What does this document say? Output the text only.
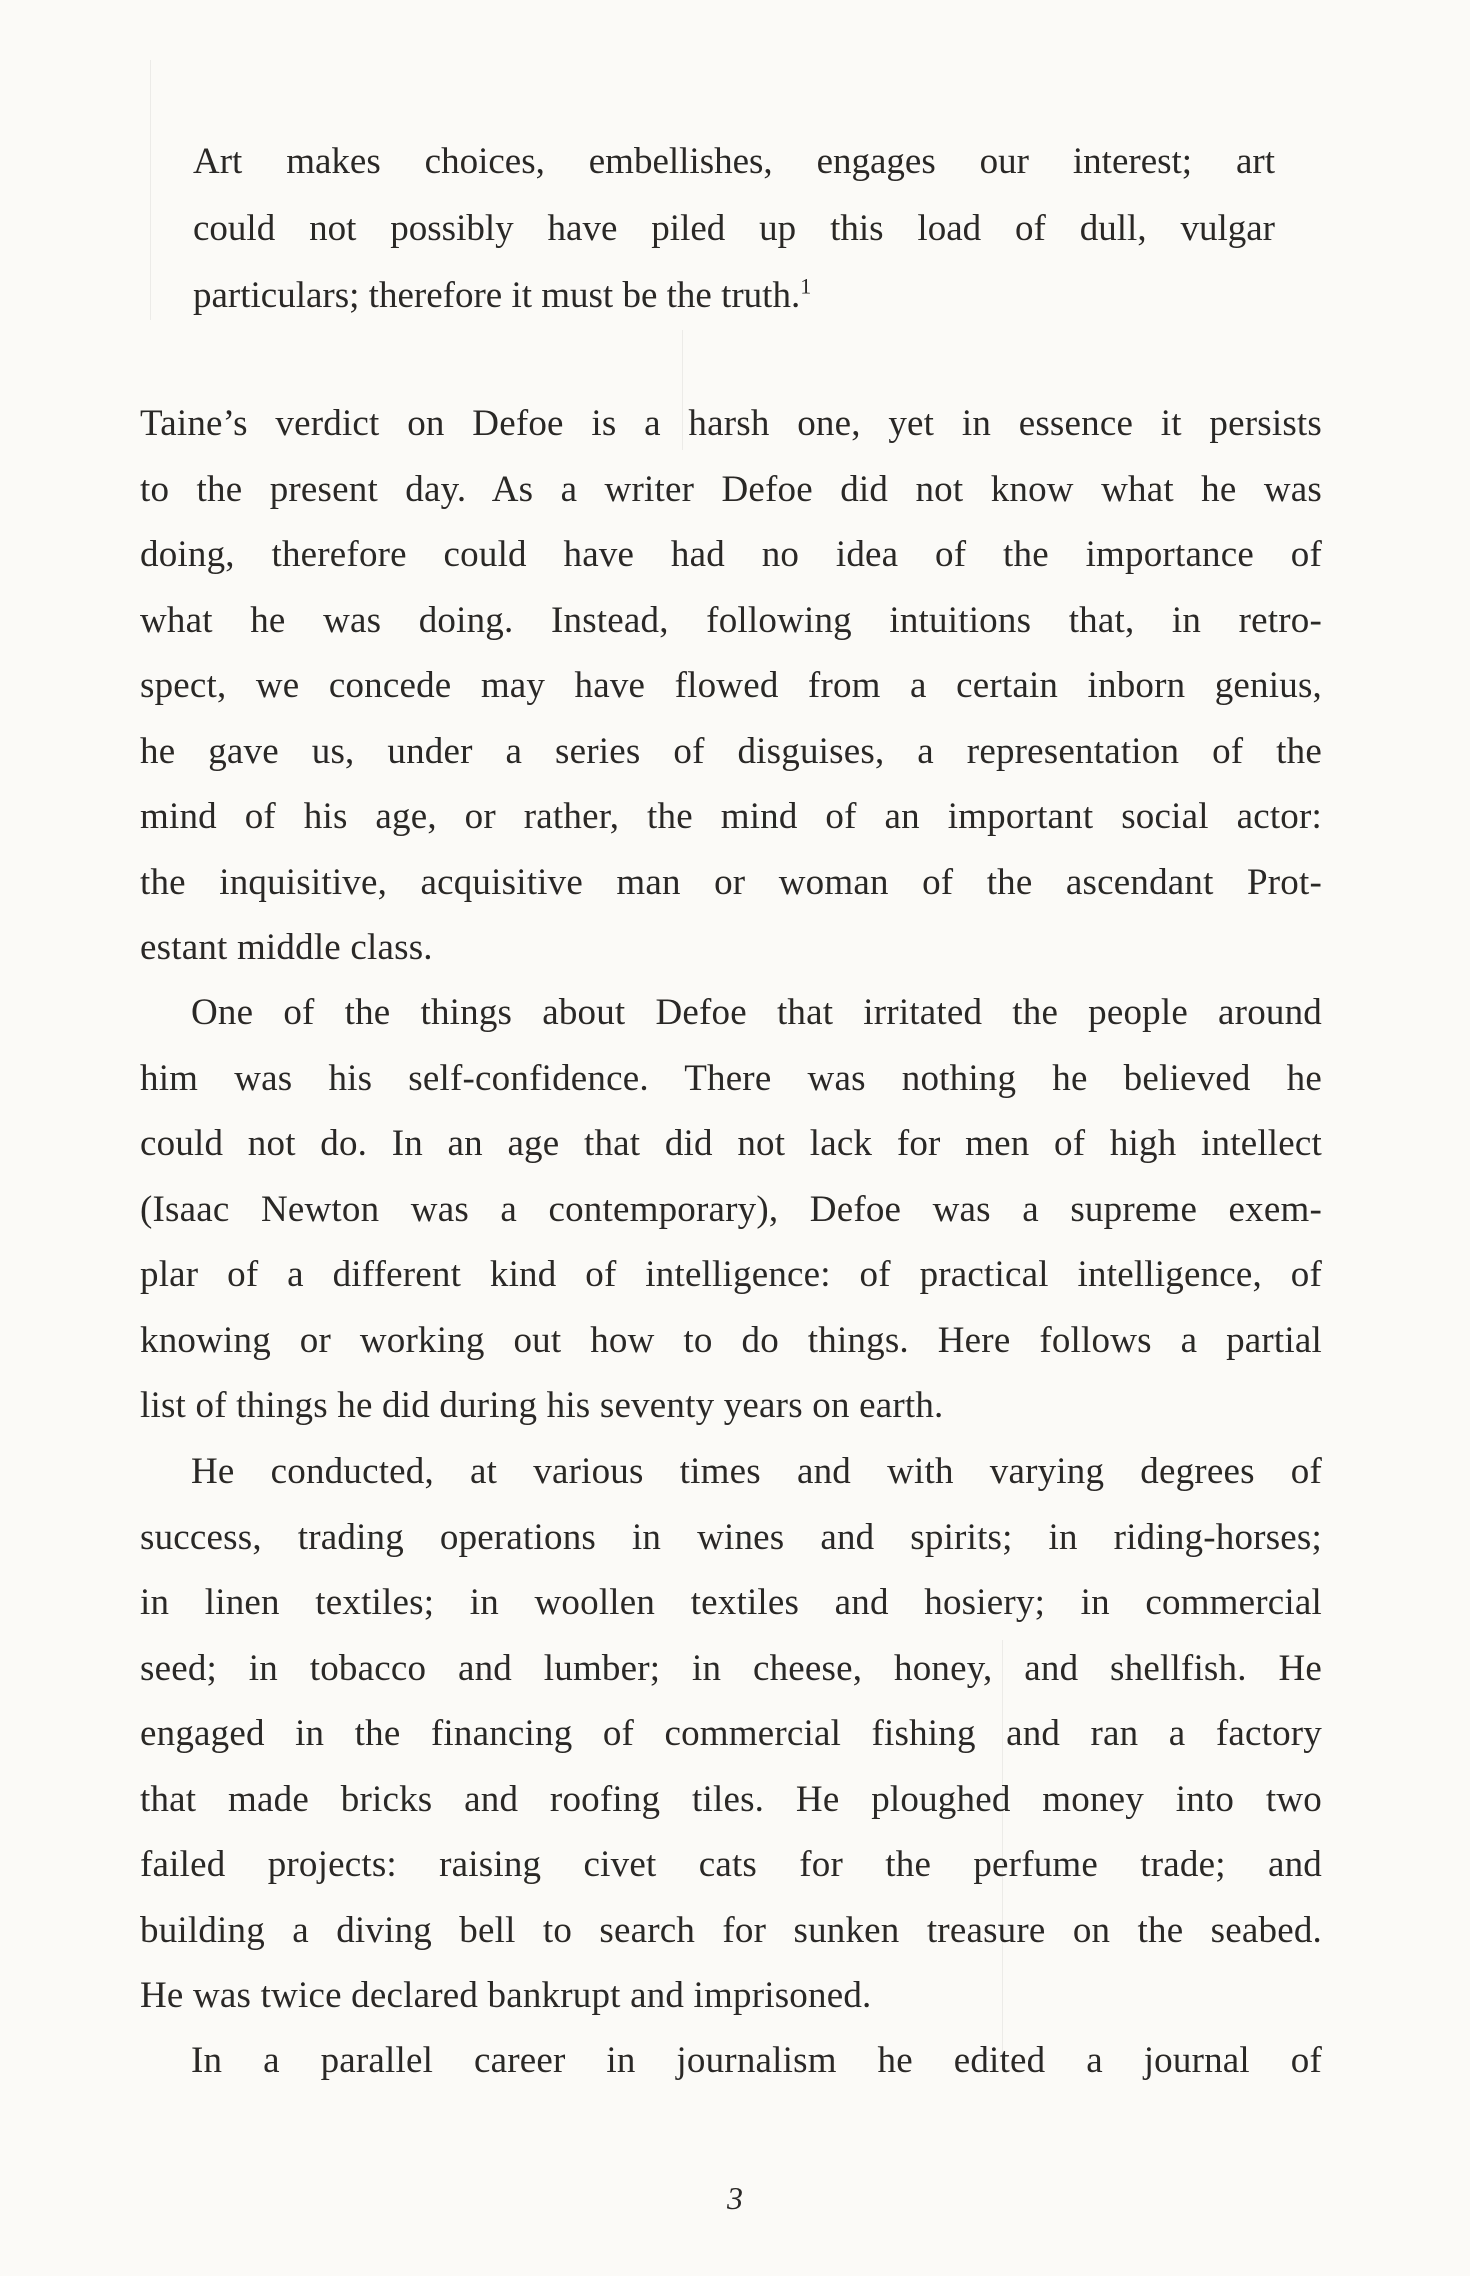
Art makes choices, embellishes, engages our interest; art
could not possibly have piled up this load of dull, vulgar
particulars; therefore it must be the truth.$^1$
Taine’s verdict on Defoe is a harsh one, yet in essence it persists
to the present day. As a writer Defoe did not know what he was
doing, therefore could have had no idea of the importance of
what he was doing. Instead, following intuitions that, in retro-
spect, we concede may have flowed from a certain inborn genius,
he gave us, under a series of disguises, a representation of the
mind of his age, or rather, the mind of an important social actor:
the inquisitive, acquisitive man or woman of the ascendant Prot-
estant middle class.
One of the things about Defoe that irritated the people around
him was his self-confidence. There was nothing he believed he
could not do. In an age that did not lack for men of high intellect
(Isaac Newton was a contemporary), Defoe was a supreme exem-
plar of a different kind of intelligence: of practical intelligence, of
knowing or working out how to do things. Here follows a partial
list of things he did during his seventy years on earth.
He conducted, at various times and with varying degrees of
success, trading operations in wines and spirits; in riding-horses;
in linen textiles; in woollen textiles and hosiery; in commercial
seed; in tobacco and lumber; in cheese, honey, and shellfish. He
engaged in the financing of commercial fishing and ran a factory
that made bricks and roofing tiles. He ploughed money into two
failed projects: raising civet cats for the perfume trade; and
building a diving bell to search for sunken treasure on the seabed.
He was twice declared bankrupt and imprisoned.
In a parallel career in journalism he edited a journal of
3
